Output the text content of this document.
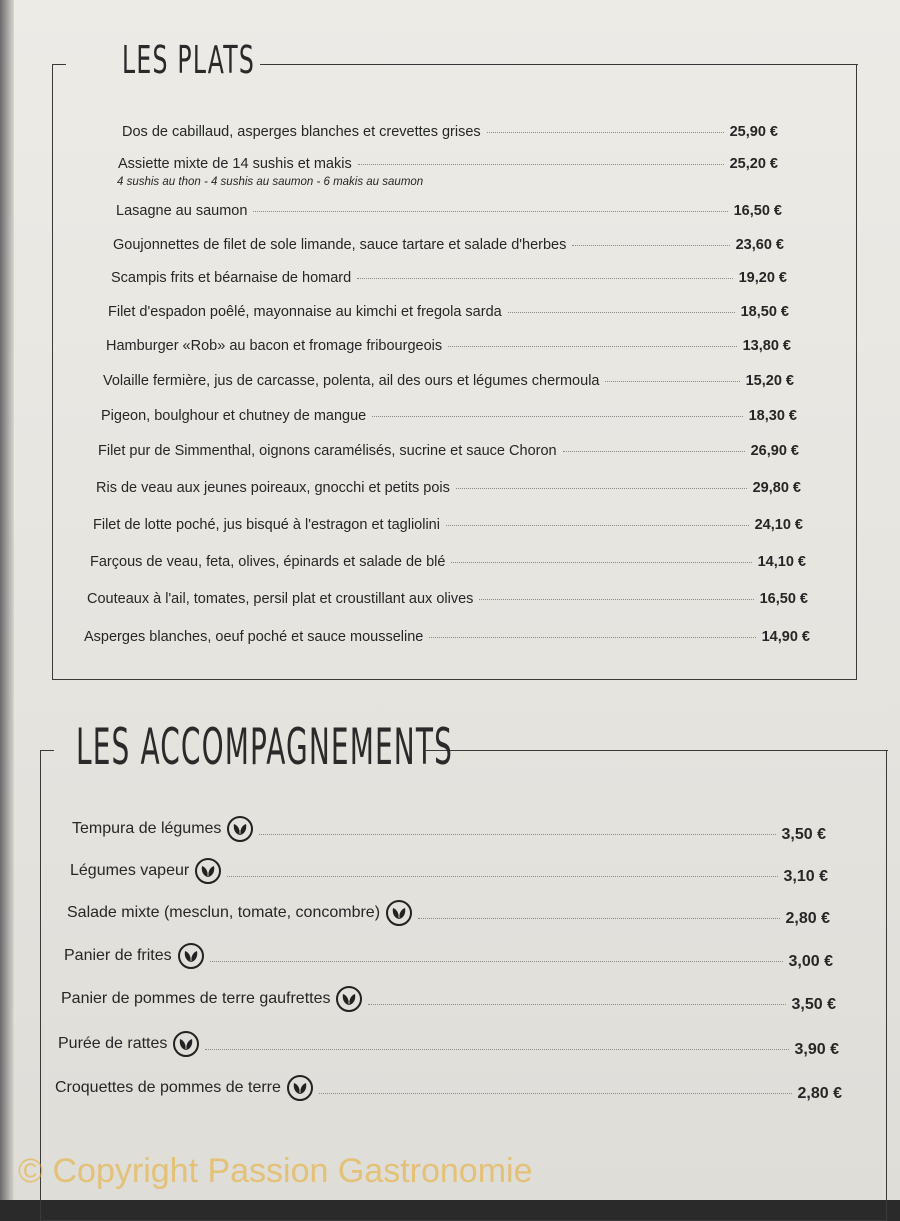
LES PLATS
Dos de cabillaud, asperges blanches et crevettes grises	25,90 €
Assiette mixte de 14 sushis et makis	25,20 €
4 sushis au thon - 4 sushis au saumon - 6 makis au saumon
Lasagne au saumon	16,50 €
Goujonnettes de filet de sole limande, sauce tartare et salade d'herbes	23,60 €
Scampis frits et béarnaise de homard	19,20 €
Filet d'espadon poêlé, mayonnaise au kimchi et fregola sarda	18,50 €
Hamburger «Rob» au bacon et fromage fribourgeois	13,80 €
Volaille fermière, jus de carcasse, polenta, ail des ours et légumes chermoula	15,20 €
Pigeon, boulghour et chutney de mangue	18,30 €
Filet pur de Simmenthal, oignons caramélisés, sucrine et sauce Choron	26,90 €
Ris de veau aux jeunes poireaux, gnocchi et petits pois	29,80 €
Filet de lotte poché, jus bisqué à l'estragon et tagliolini	24,10 €
Farçous de veau, feta, olives, épinards et salade de blé	14,10 €
Couteaux à l'ail, tomates, persil plat et croustillant aux olives	16,50 €
Asperges blanches, oeuf poché et sauce mousseline	14,90 €
LES ACCOMPAGNEMENTS
Tempura de légumes	3,50 €
Légumes vapeur	3,10 €
Salade mixte (mesclun, tomate, concombre)	2,80 €
Panier de frites	3,00 €
Panier de pommes de terre gaufrettes	3,50 €
Purée de rattes	3,90 €
Croquettes de pommes de terre	2,80 €
© Copyright Passion Gastronomie
